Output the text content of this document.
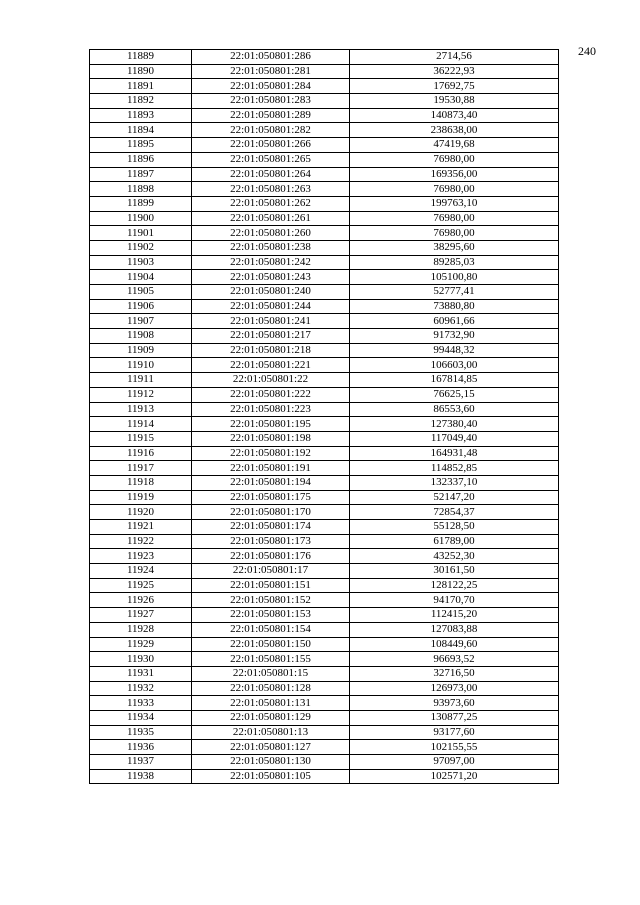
240
11889	22:01:050801:286	2714,56
11890	22:01:050801:281	36222,93
11891	22:01:050801:284	17692,75
11892	22:01:050801:283	19530,88
11893	22:01:050801:289	140873,40
11894	22:01:050801:282	238638,00
11895	22:01:050801:266	47419,68
11896	22:01:050801:265	76980,00
11897	22:01:050801:264	169356,00
11898	22:01:050801:263	76980,00
11899	22:01:050801:262	199763,10
11900	22:01:050801:261	76980,00
11901	22:01:050801:260	76980,00
11902	22:01:050801:238	38295,60
11903	22:01:050801:242	89285,03
11904	22:01:050801:243	105100,80
11905	22:01:050801:240	52777,41
11906	22:01:050801:244	73880,80
11907	22:01:050801:241	60961,66
11908	22:01:050801:217	91732,90
11909	22:01:050801:218	99448,32
11910	22:01:050801:221	106603,00
11911	22:01:050801:22	167814,85
11912	22:01:050801:222	76625,15
11913	22:01:050801:223	86553,60
11914	22:01:050801:195	127380,40
11915	22:01:050801:198	117049,40
11916	22:01:050801:192	164931,48
11917	22:01:050801:191	114852,85
11918	22:01:050801:194	132337,10
11919	22:01:050801:175	52147,20
11920	22:01:050801:170	72854,37
11921	22:01:050801:174	55128,50
11922	22:01:050801:173	61789,00
11923	22:01:050801:176	43252,30
11924	22:01:050801:17	30161,50
11925	22:01:050801:151	128122,25
11926	22:01:050801:152	94170,70
11927	22:01:050801:153	112415,20
11928	22:01:050801:154	127083,88
11929	22:01:050801:150	108449,60
11930	22:01:050801:155	96693,52
11931	22:01:050801:15	32716,50
11932	22:01:050801:128	126973,00
11933	22:01:050801:131	93973,60
11934	22:01:050801:129	130877,25
11935	22:01:050801:13	93177,60
11936	22:01:050801:127	102155,55
11937	22:01:050801:130	97097,00
11938	22:01:050801:105	102571,20
